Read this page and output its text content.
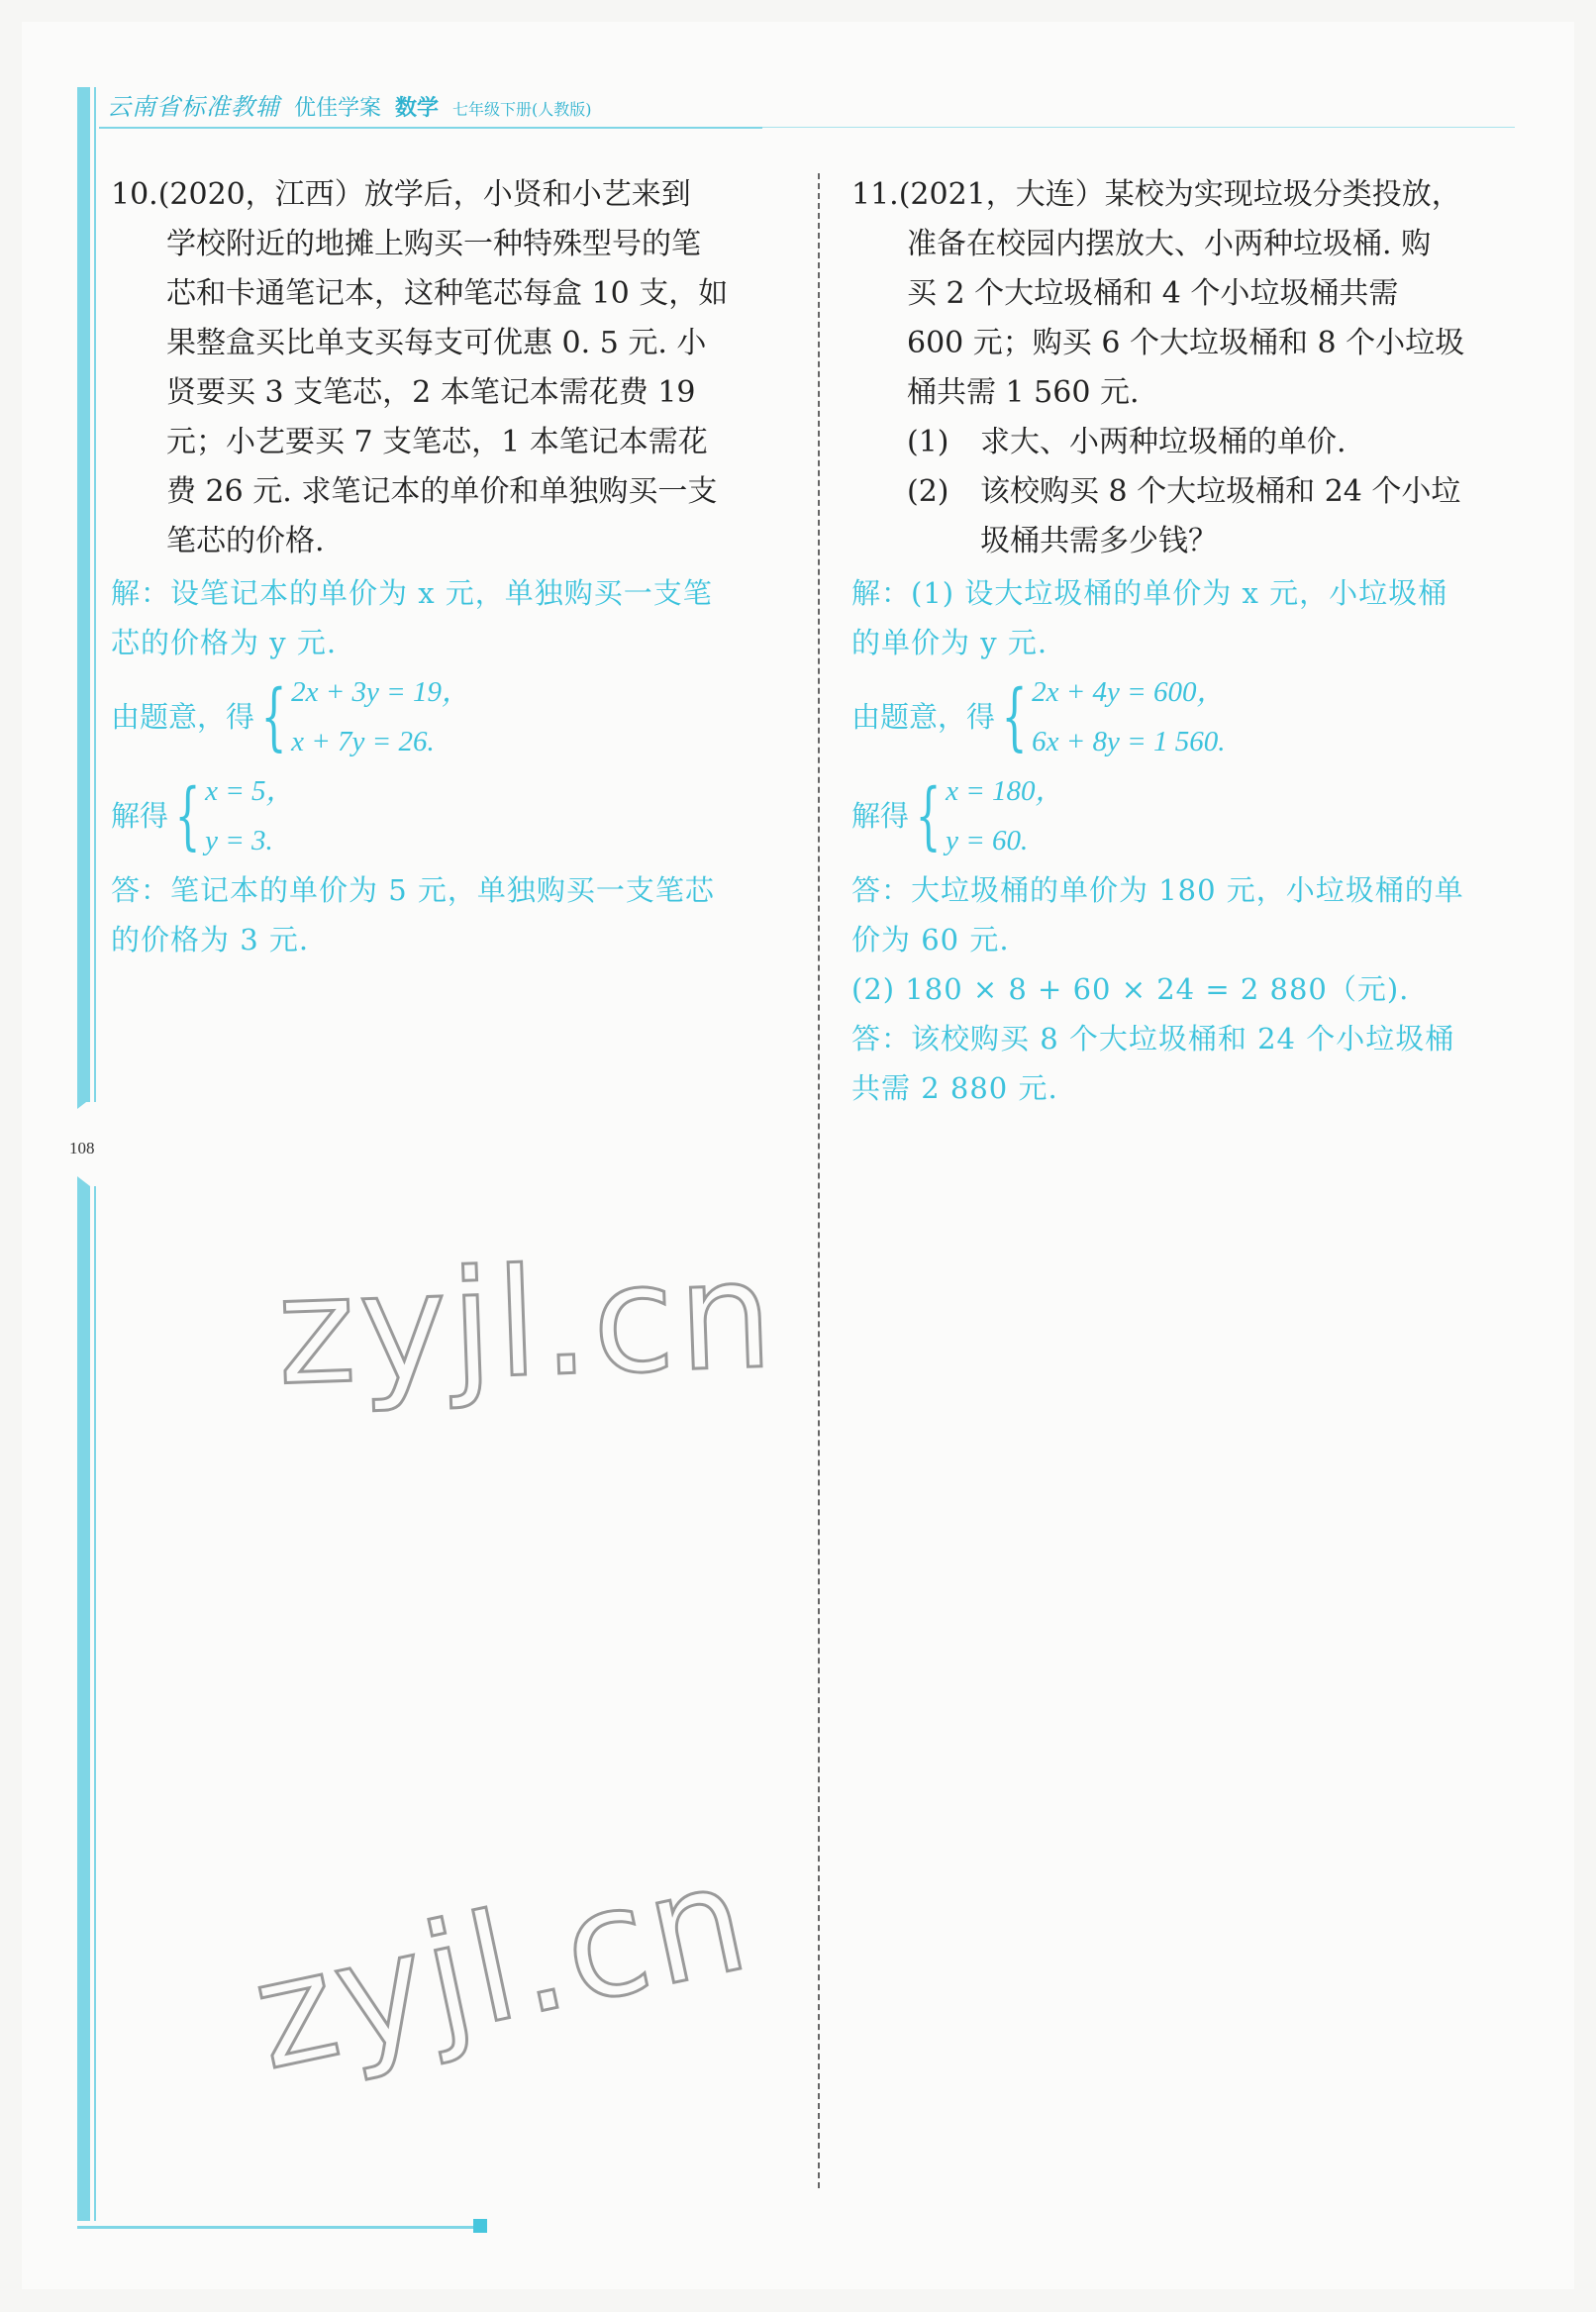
云南省标准教辅 优佳学案 数学 七年级下册(人教版)
108
10. (2020，江西）放学后，小贤和小艺来到
学校附近的地摊上购买一种特殊型号的笔
芯和卡通笔记本，这种笔芯每盒 10 支，如
果整盒买比单支买每支可优惠 0. 5 元. 小
贤要买 3 支笔芯，2 本笔记本需花费 19
元；小艺要买 7 支笔芯，1 本笔记本需花
费 26 元. 求笔记本的单价和单独购买一支
笔芯的价格.
解：设笔记本的单价为 x 元，单独购买一支笔
芯的价格为 y 元.
由题意，得 { 2x + 3y = 19，
x + 7y = 26.
解得 { x = 5，
y = 3.
答：笔记本的单价为 5 元，单独购买一支笔芯
的价格为 3 元.
11. (2021，大连）某校为实现垃圾分类投放，
准备在校园内摆放大、小两种垃圾桶. 购
买 2 个大垃圾桶和 4 个小垃圾桶共需
600 元；购买 6 个大垃圾桶和 8 个小垃圾
桶共需 1 560 元.
(1)	求大、小两种垃圾桶的单价.
(2)	该校购买 8 个大垃圾桶和 24 个小垃
圾桶共需多少钱？
解：(1) 设大垃圾桶的单价为 x 元，小垃圾桶
的单价为 y 元.
由题意，得 { 2x + 4y = 600，
6x + 8y = 1 560.
解得 { x = 180，
y = 60.
答：大垃圾桶的单价为 180 元，小垃圾桶的单
价为 60 元.
(2) 180 × 8 + 60 × 24 = 2 880（元).
答：该校购买 8 个大垃圾桶和 24 个小垃圾桶
共需 2 880 元.
zyjl.cn
zyjl.cn
